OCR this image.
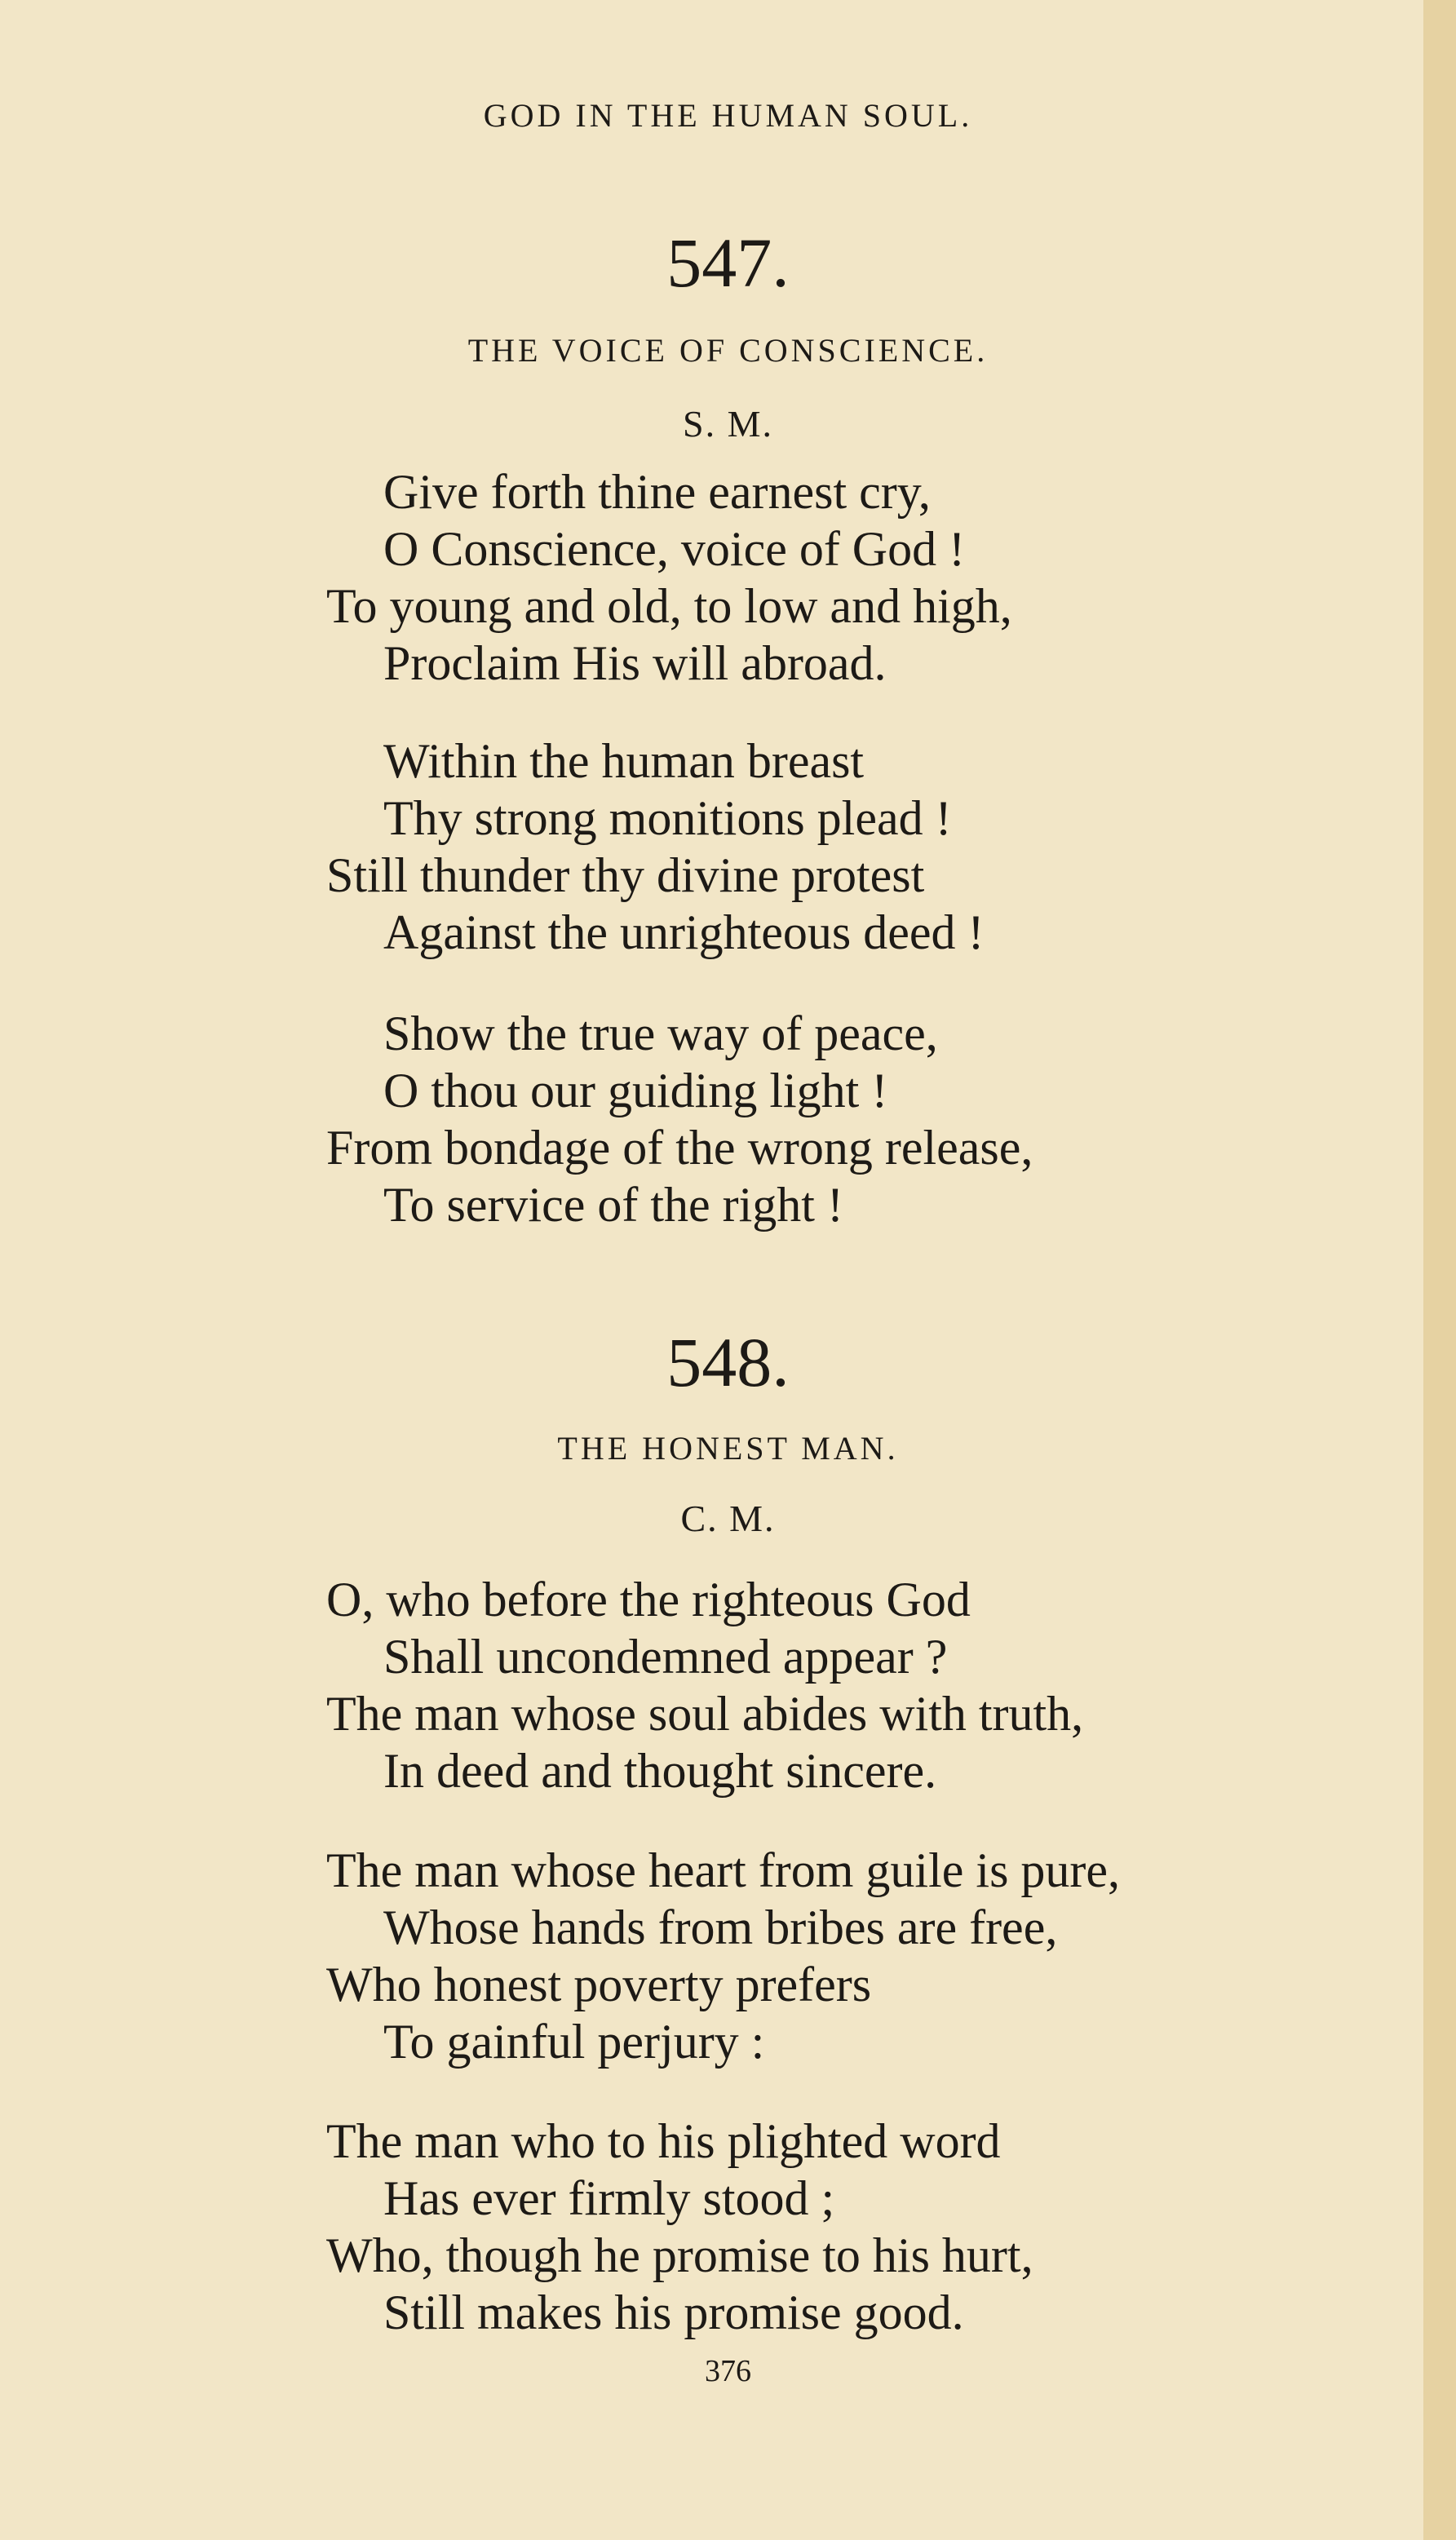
GOD IN THE HUMAN SOUL.
547.
THE VOICE OF CONSCIENCE.
S. M.
Give forth thine earnest cry,
O Conscience, voice of God !
To young and old, to low and high,
Proclaim His will abroad.
Within the human breast
Thy strong monitions plead !
Still thunder thy divine protest
Against the unrighteous deed !
Show the true way of peace,
O thou our guiding light !
From bondage of the wrong release,
To service of the right !
548.
THE HONEST MAN.
C. M.
O, who before the righteous God
Shall uncondemned appear ?
The man whose soul abides with truth,
In deed and thought sincere.
The man whose heart from guile is pure,
Whose hands from bribes are free,
Who honest poverty prefers
To gainful perjury :
The man who to his plighted word
Has ever firmly stood ;
Who, though he promise to his hurt,
Still makes his promise good.
376
